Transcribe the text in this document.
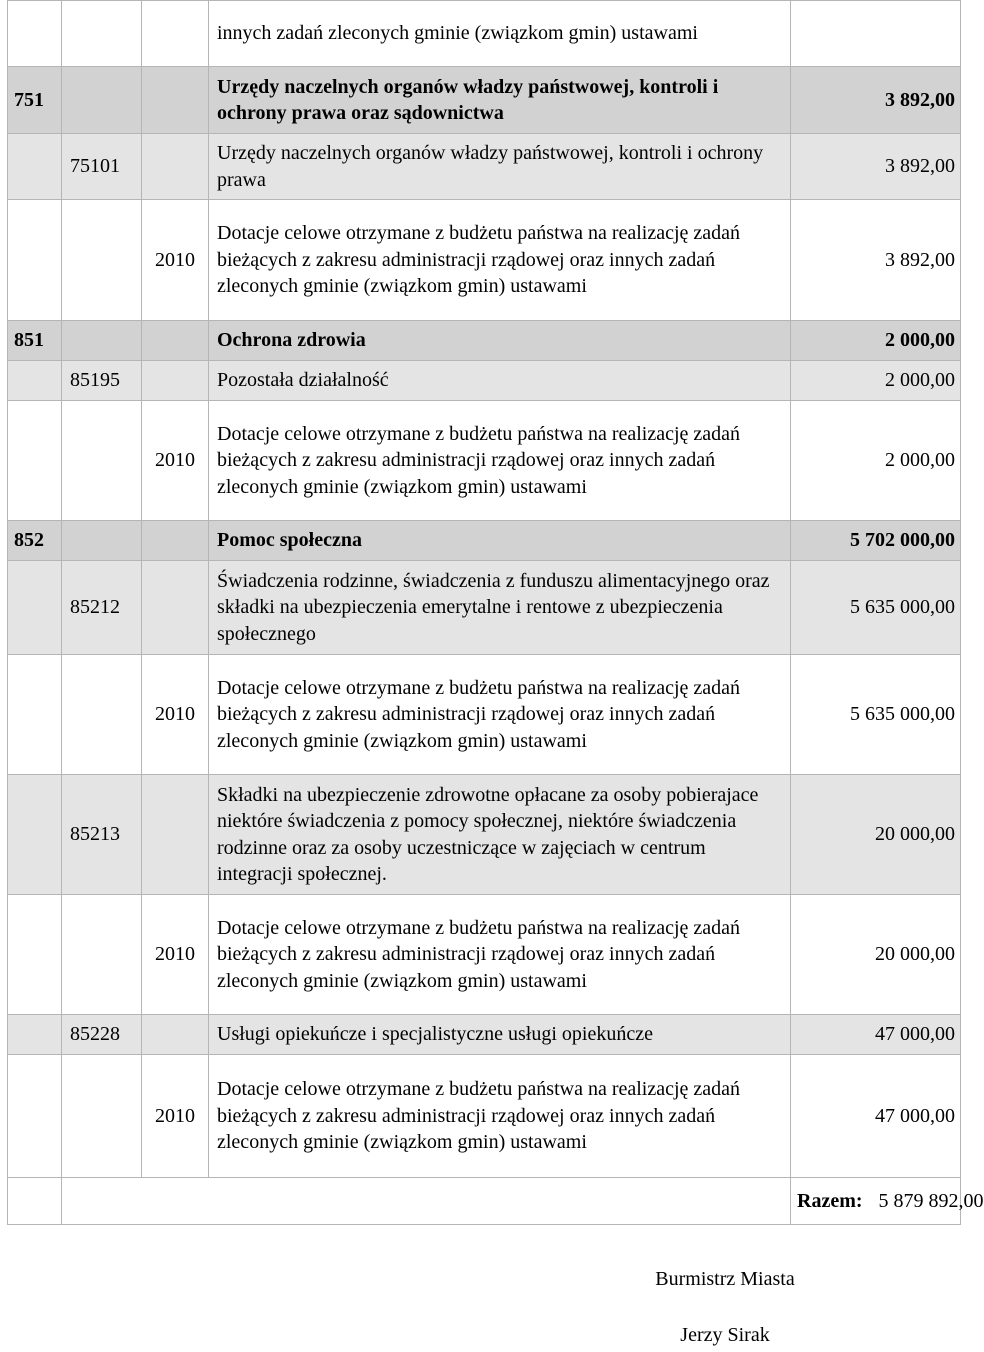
			innych zadań zleconych gminie (związkom gmin) ustawami	
751			Urzędy naczelnych organów władzy państwowej, kontroli i ochrony prawa oraz sądownictwa	3 892,00
	75101		Urzędy naczelnych organów władzy państwowej, kontroli i ochrony prawa	3 892,00
		2010	Dotacje celowe otrzymane z budżetu państwa na realizację zadań bieżących z zakresu administracji rządowej oraz innych zadań zleconych gminie (związkom gmin) ustawami	3 892,00
851			Ochrona zdrowia	2 000,00
	85195		Pozostała działalność	2 000,00
		2010	Dotacje celowe otrzymane z budżetu państwa na realizację zadań bieżących z zakresu administracji rządowej oraz innych zadań zleconych gminie (związkom gmin) ustawami	2 000,00
852			Pomoc społeczna	5 702 000,00
	85212		Świadczenia rodzinne, świadczenia z funduszu alimentacyjnego oraz składki na ubezpieczenia emerytalne i rentowe z ubezpieczenia społecznego	5 635 000,00
		2010	Dotacje celowe otrzymane z budżetu państwa na realizację zadań bieżących z zakresu administracji rządowej oraz innych zadań zleconych gminie (związkom gmin) ustawami	5 635 000,00
	85213		Składki na ubezpieczenie zdrowotne opłacane za osoby pobierajace niektóre świadczenia z pomocy społecznej, niektóre świadczenia rodzinne oraz za osoby uczestniczące w zajęciach w centrum integracji społecznej.	20 000,00
		2010	Dotacje celowe otrzymane z budżetu państwa na realizację zadań bieżących z zakresu administracji rządowej oraz innych zadań zleconych gminie (związkom gmin) ustawami	20 000,00
	85228		Usługi opiekuńcze i specjalistyczne usługi opiekuńcze	47 000,00
		2010	Dotacje celowe otrzymane z budżetu państwa na realizację zadań bieżących z zakresu administracji rządowej oraz innych zadań zleconych gminie (związkom gmin) ustawami	47 000,00

				Razem: 5 879 892,00
Burmistrz Miasta
Jerzy Sirak
